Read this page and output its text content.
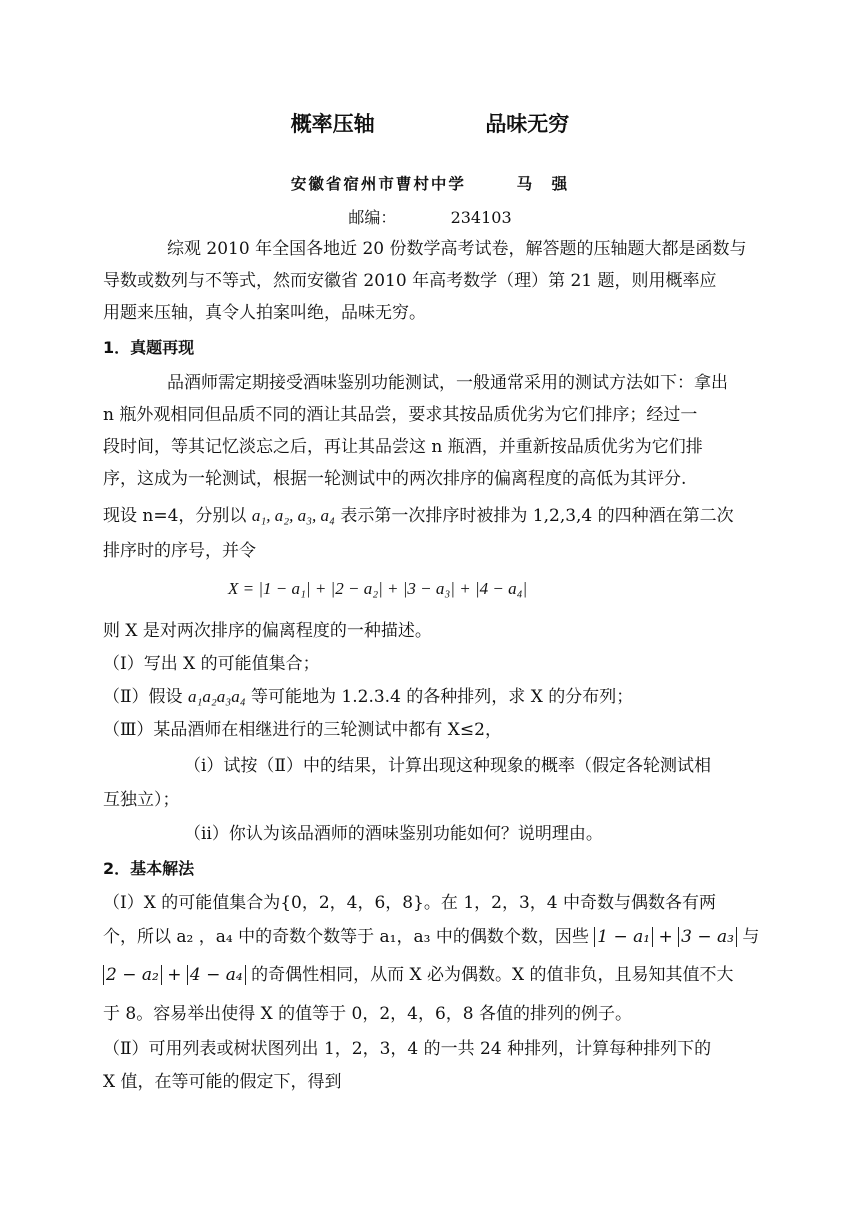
概率压轴	品味无穷
安徽省宿州市曹村中学	马　强
邮编：	234103
综观 2010 年全国各地近 20 份数学高考试卷，解答题的压轴题大都是函数与
导数或数列与不等式，然而安徽省 2010 年高考数学（理）第 21 题，则用概率应
用题来压轴，真令人拍案叫绝，品味无穷。
1．真题再现
品酒师需定期接受酒味鉴别功能测试，一般通常采用的测试方法如下：拿出
n 瓶外观相同但品质不同的酒让其品尝，要求其按品质优劣为它们排序；经过一
段时间，等其记忆淡忘之后，再让其品尝这 n 瓶酒，并重新按品质优劣为它们排
序，这成为一轮测试，根据一轮测试中的两次排序的偏离程度的高低为其评分.
现设 n=4，分别以 a₁, a₂, a₃, a₄ 表示第一次排序时被排为 1,2,3,4 的四种酒在第二次
排序时的序号，并令
X = |1 − a₁| + |2 − a₂| + |3 − a₃| + |4 − a₄|
则 X 是对两次排序的偏离程度的一种描述。
（Ⅰ）写出 X 的可能值集合；
（Ⅱ）假设 a₁a₂a₃a₄ 等可能地为 1.2.3.4 的各种排列，求 X 的分布列；
（Ⅲ）某品酒师在相继进行的三轮测试中都有 X≤2，
（ⅰ）试按（Ⅱ）中的结果，计算出现这种现象的概率（假定各轮测试相
互独立）；
（ⅱ）你认为该品酒师的酒味鉴别功能如何？说明理由。
2．基本解法
（Ⅰ）X 的可能值集合为{0，2，4，6，8}。在 1，2，3，4 中奇数与偶数各有两
个，所以 a₂ ，a₄ 中的奇数个数等于 a₁，a₃ 中的偶数个数，因些 1 − a₁ + 3 − a₃ 与
2 − a₂ + 4 − a₄ 的奇偶性相同，从而 X 必为偶数。X 的值非负，且易知其值不大
于 8。容易举出使得 X 的值等于 0，2，4，6，8 各值的排列的例子。
（Ⅱ）可用列表或树状图列出 1，2，3，4 的一共 24 种排列，计算每种排列下的
X 值，在等可能的假定下，得到
